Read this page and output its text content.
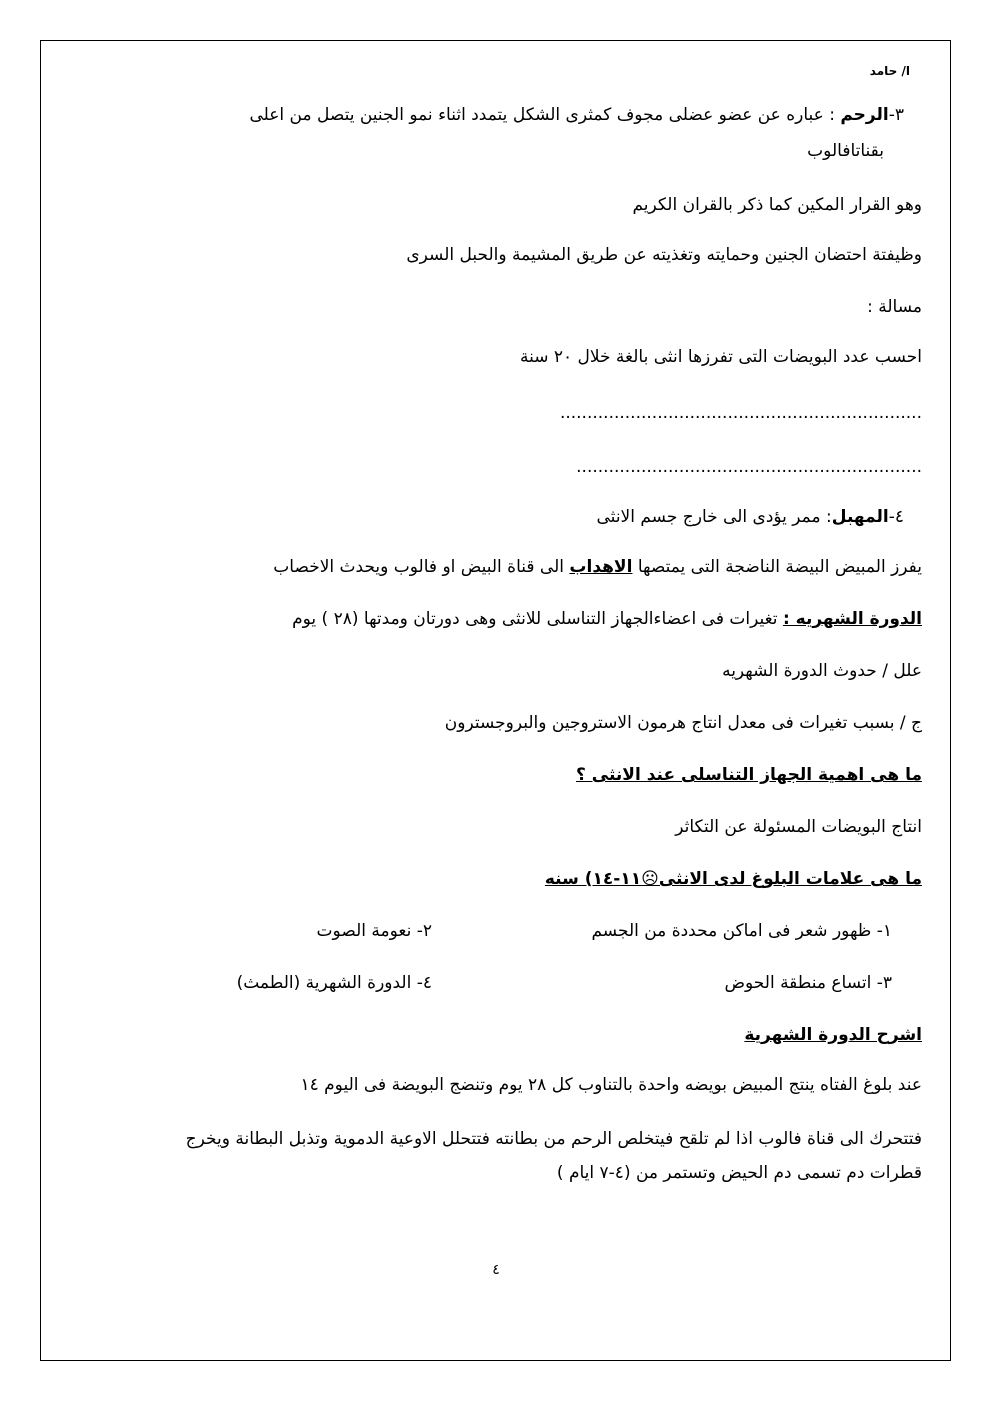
ا/ حامد
٣-الرحم : عباره عن عضو عضلى مجوف كمثرى الشكل يتمدد اثناء نمو الجنين يتصل من اعلى
بقناتافالوب
وهو القرار المكين كما ذكر بالقران الكريم
وظيفتة احتضان الجنين وحمايته وتغذيته عن طريق المشيمة والحبل السرى
مسالة :
احسب عدد البويضات التى تفرزها انثى بالغة خلال ٢٠ سنة
...................................................................
................................................................
٤-المهبل: ممر يؤدى الى خارج جسم الانثى
يفرز المبيض البيضة الناضجة التى يمتصها الاهداب الى قناة البيض او فالوب ويحدث الاخصاب
الدورة الشهريه : تغيرات فى اعضاءالجهاز التناسلى للانثى وهى دورتان ومدتها (٢٨ ) يوم
علل / حدوث الدورة الشهريه
ج / بسبب تغيرات فى معدل انتاج هرمون الاستروجين والبروجسترون
ما هى اهمية الجهاز التناسلى عند الانثى ؟
انتاج البويضات المسئولة عن التكاثر
ما هى علامات البلوغ لدى الانثى☹١١-١٤) سنه
١- ظهور شعر فى اماكن محددة من الجسم
٢- نعومة الصوت
٣- اتساع منطقة الحوض
٤- الدورة الشهرية (الطمث)
اشرح الدورة الشهرية
عند بلوغ الفتاه ينتج المبيض بويضه واحدة بالتناوب كل ٢٨ يوم وتنضج البويضة فى اليوم ١٤
فتتحرك الى قناة فالوب اذا لم تلقح فيتخلص الرحم من بطانته فتتحلل الاوعية الدموية وتذبل البطانة ويخرج
قطرات دم تسمى دم الحيض وتستمر من (٤-٧ ايام )
٤
